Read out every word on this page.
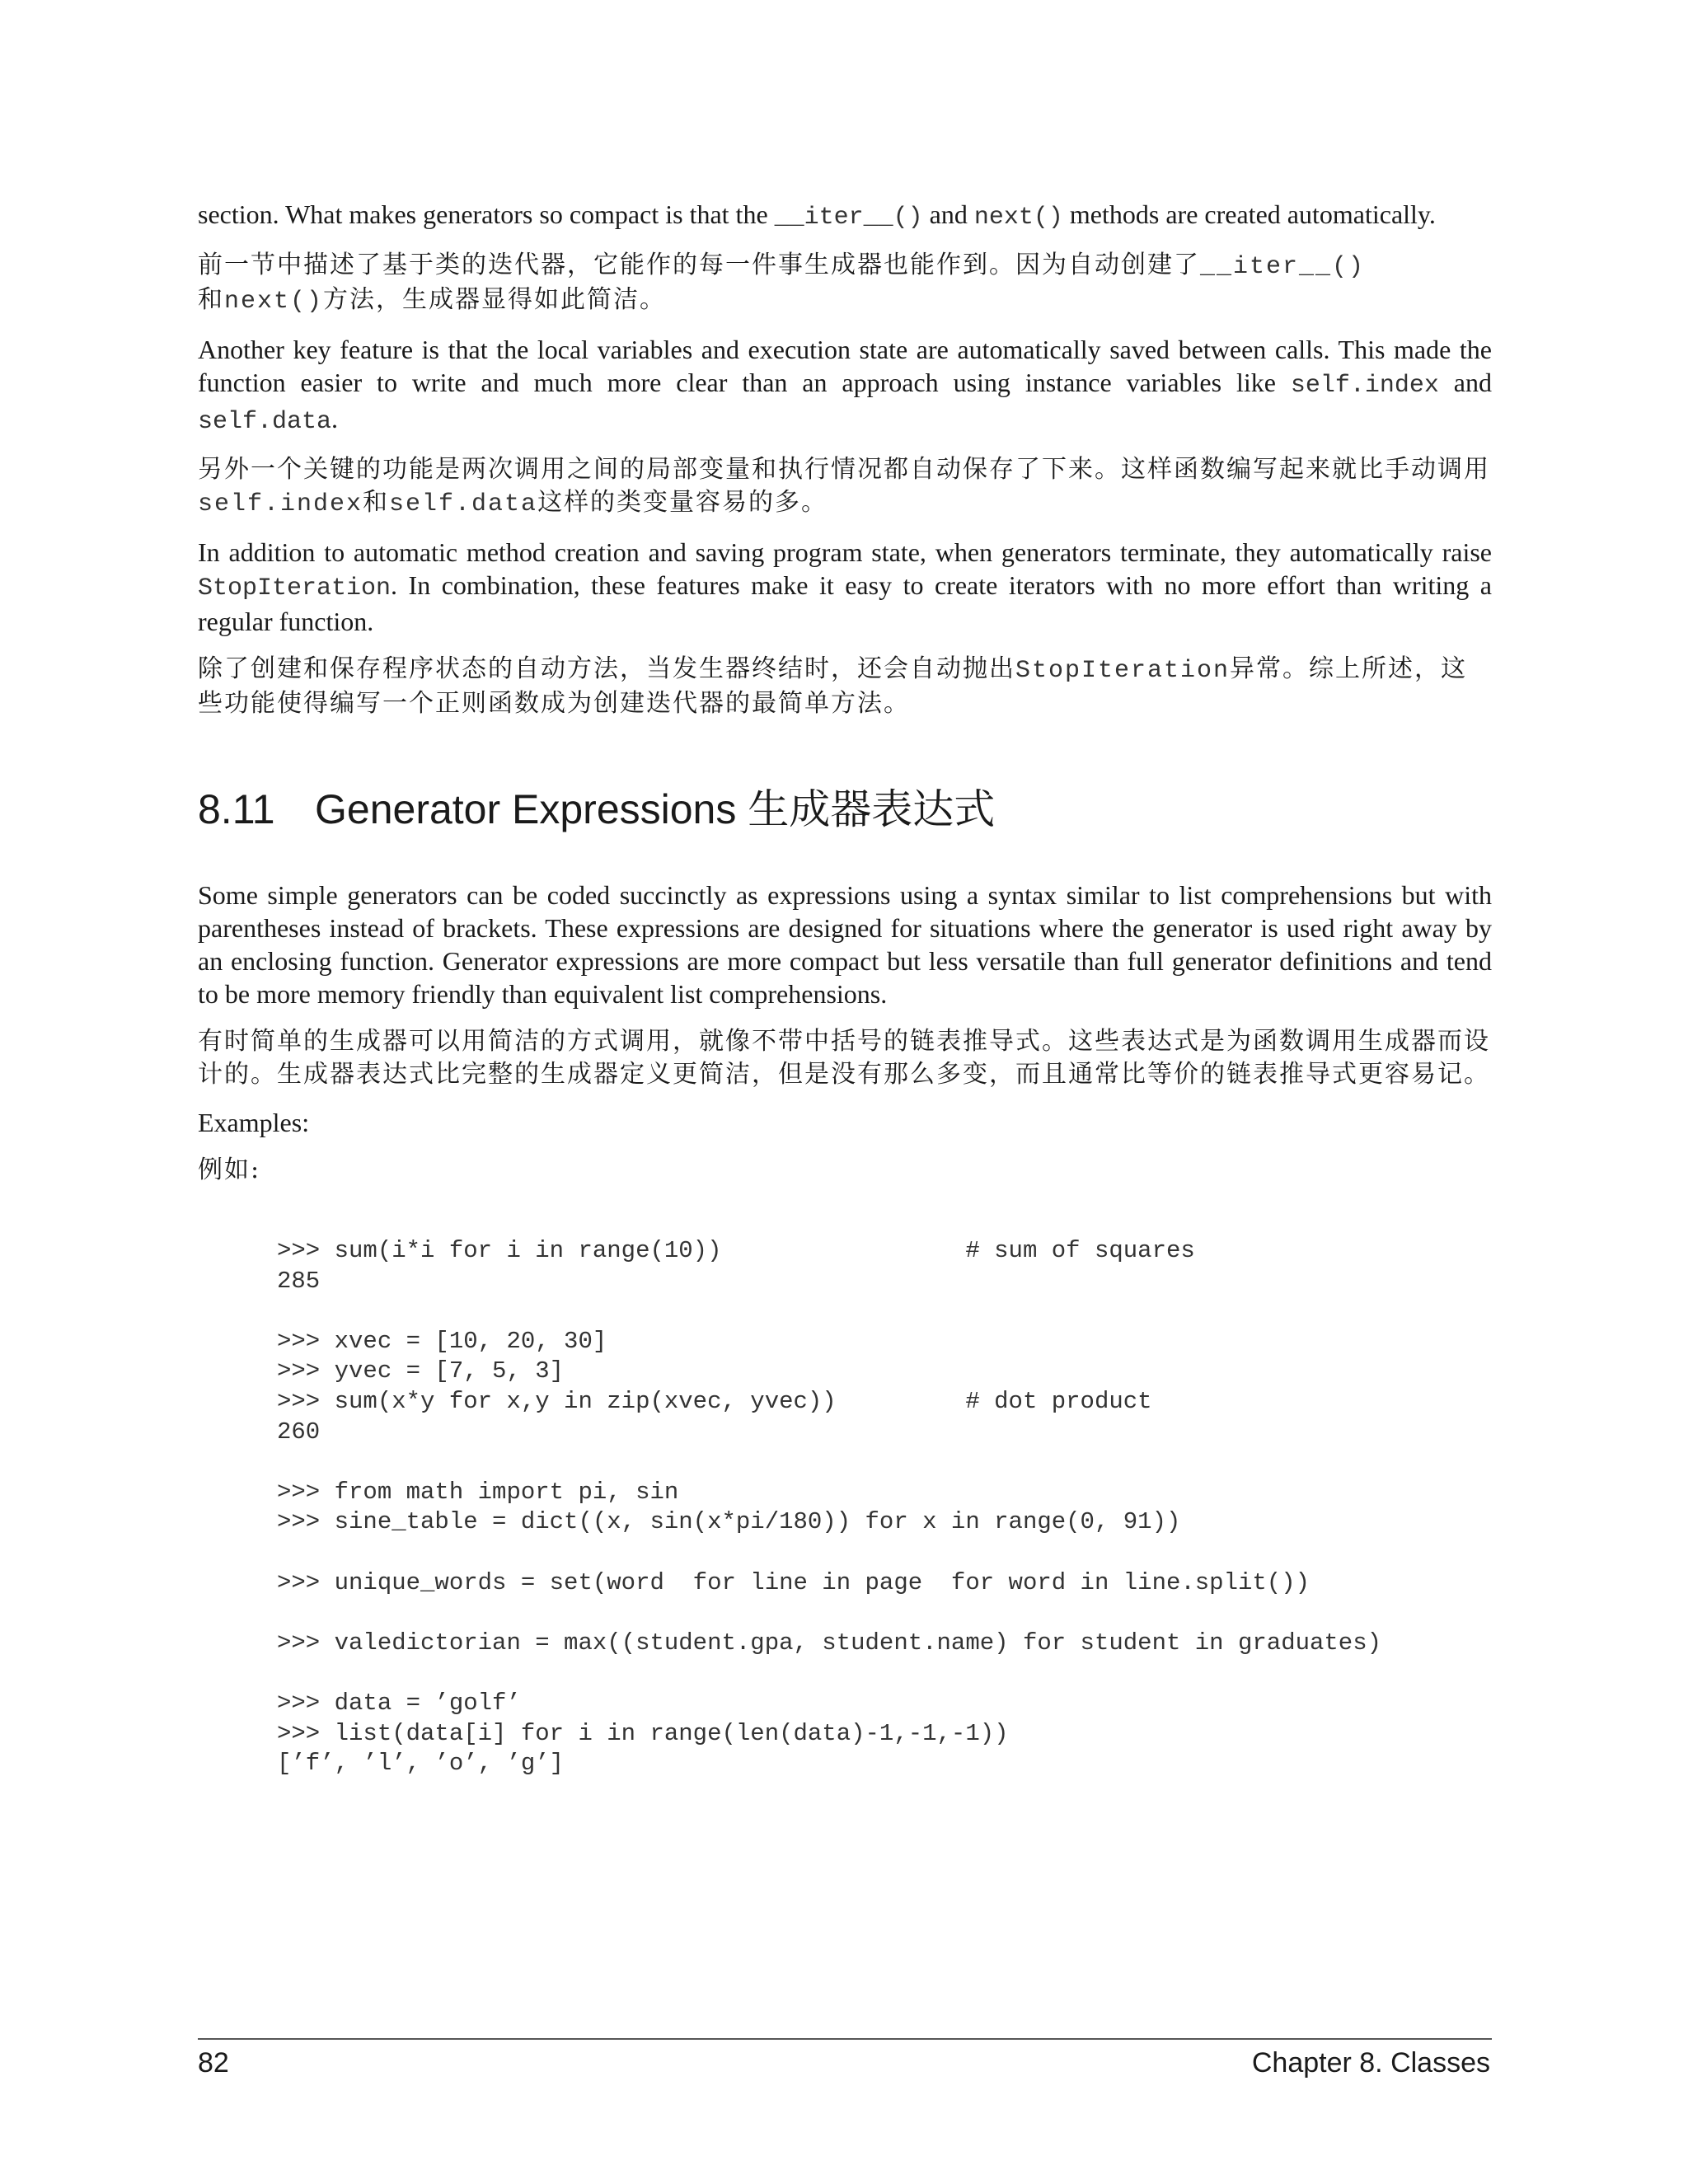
section. What makes generators so compact is that the __iter__() and next() methods are created automatically.

前一节中描述了基于类的迭代器，它能作的每一件事生成器也能作到。因为自动创建了__iter__()
和next()方法，生成器显得如此简洁。

Another key feature is that the local variables and execution state are automatically saved between calls. This made the function easier to write and much more clear than an approach using instance variables like self.index and self.data.

另外一个关键的功能是两次调用之间的局部变量和执行情况都自动保存了下来。这样函数编写起来就比手动调用self.index和self.data这样的类变量容易的多。

In addition to automatic method creation and saving program state, when generators terminate, they automatically raise StopIteration. In combination, these features make it easy to create iterators with no more effort than writing a regular function.

除了创建和保存程序状态的自动方法，当发生器终结时，还会自动抛出StopIteration异常。综上所述，这些功能使得编写一个正则函数成为创建迭代器的最简单方法。

8.11 Generator Expressions 生成器表达式

Some simple generators can be coded succinctly as expressions using a syntax similar to list comprehensions but with parentheses instead of brackets. These expressions are designed for situations where the generator is used right away by an enclosing function. Generator expressions are more compact but less versatile than full generator definitions and tend to be more memory friendly than equivalent list comprehensions.

有时简单的生成器可以用简洁的方式调用，就像不带中括号的链表推导式。这些表达式是为函数调用生成器而设计的。生成器表达式比完整的生成器定义更简洁，但是没有那么多变，而且通常比等价的链表推导式更容易记。

Examples:

例如:

>>> sum(i*i for i in range(10))                 # sum of squares
285
>>> xvec = [10, 20, 30]
>>> yvec = [7, 5, 3]
>>> sum(x*y for x,y in zip(xvec, yvec))         # dot product
260
>>> from math import pi, sin
>>> sine_table = dict((x, sin(x*pi/180)) for x in range(0, 91))
>>> unique_words = set(word  for line in page  for word in line.split())
>>> valedictorian = max((student.gpa, student.name) for student in graduates)
>>> data = ’golf’
>>> list(data[i] for i in range(len(data)-1,-1,-1))
[’f’, ’l’, ’o’, ’g’]
82	Chapter 8. Classes
